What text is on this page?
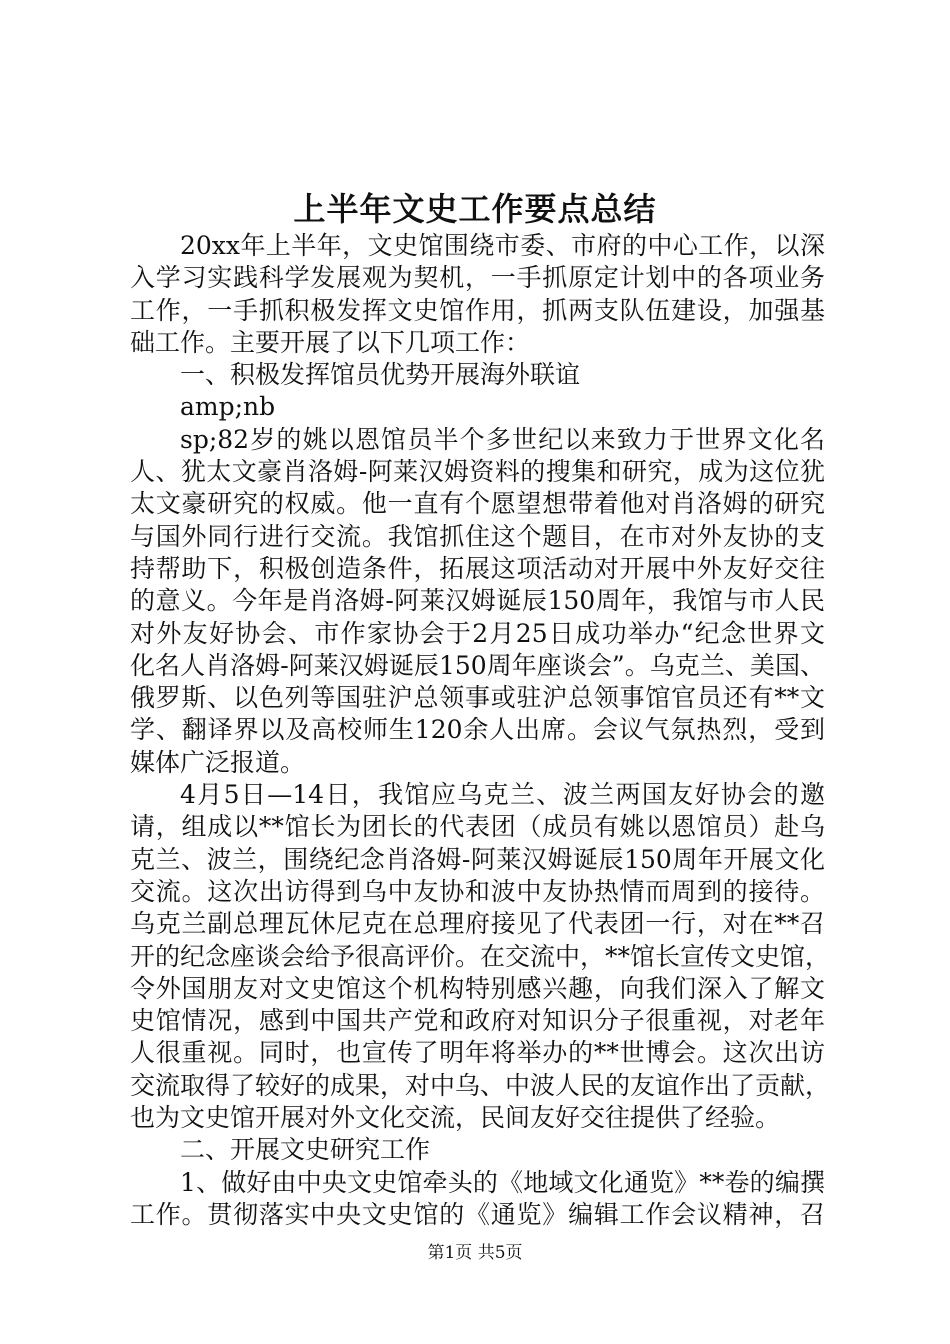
上半年文史工作要点总结
20xx年上半年，文史馆围绕市委、市府的中心工作，以深
入学习实践科学发展观为契机，一手抓原定计划中的各项业务
工作，一手抓积极发挥文史馆作用，抓两支队伍建设，加强基
础工作。主要开展了以下几项工作：
一、积极发挥馆员优势开展海外联谊
amp;nb
sp;82岁的姚以恩馆员半个多世纪以来致力于世界文化名
人、犹太文豪肖洛姆-阿莱汉姆资料的搜集和研究，成为这位犹
太文豪研究的权威。他一直有个愿望想带着他对肖洛姆的研究
与国外同行进行交流。我馆抓住这个题目，在市对外友协的支
持帮助下，积极创造条件，拓展这项活动对开展中外友好交往
的意义。今年是肖洛姆-阿莱汉姆诞辰150周年，我馆与市人民
对外友好协会、市作家协会于2月25日成功举办“纪念世界文
化名人肖洛姆-阿莱汉姆诞辰150周年座谈会”。乌克兰、美国、
俄罗斯、以色列等国驻沪总领事或驻沪总领事馆官员还有**文
学、翻译界以及高校师生120余人出席。会议气氛热烈，受到
媒体广泛报道。
4月5日—14日，我馆应乌克兰、波兰两国友好协会的邀
请，组成以**馆长为团长的代表团（成员有姚以恩馆员）赴乌
克兰、波兰，围绕纪念肖洛姆-阿莱汉姆诞辰150周年开展文化
交流。这次出访得到乌中友协和波中友协热情而周到的接待。
乌克兰副总理瓦休尼克在总理府接见了代表团一行，对在**召
开的纪念座谈会给予很高评价。在交流中，**馆长宣传文史馆，
令外国朋友对文史馆这个机构特别感兴趣，向我们深入了解文
史馆情况，感到中国共产党和政府对知识分子很重视，对老年
人很重视。同时，也宣传了明年将举办的**世博会。这次出访
交流取得了较好的成果，对中乌、中波人民的友谊作出了贡献，
也为文史馆开展对外文化交流，民间友好交往提供了经验。
二、开展文史研究工作
1、做好由中央文史馆牵头的《地域文化通览》**卷的编撰
工作。贯彻落实中央文史馆的《通览》编辑工作会议精神，召
第1页 共5页
